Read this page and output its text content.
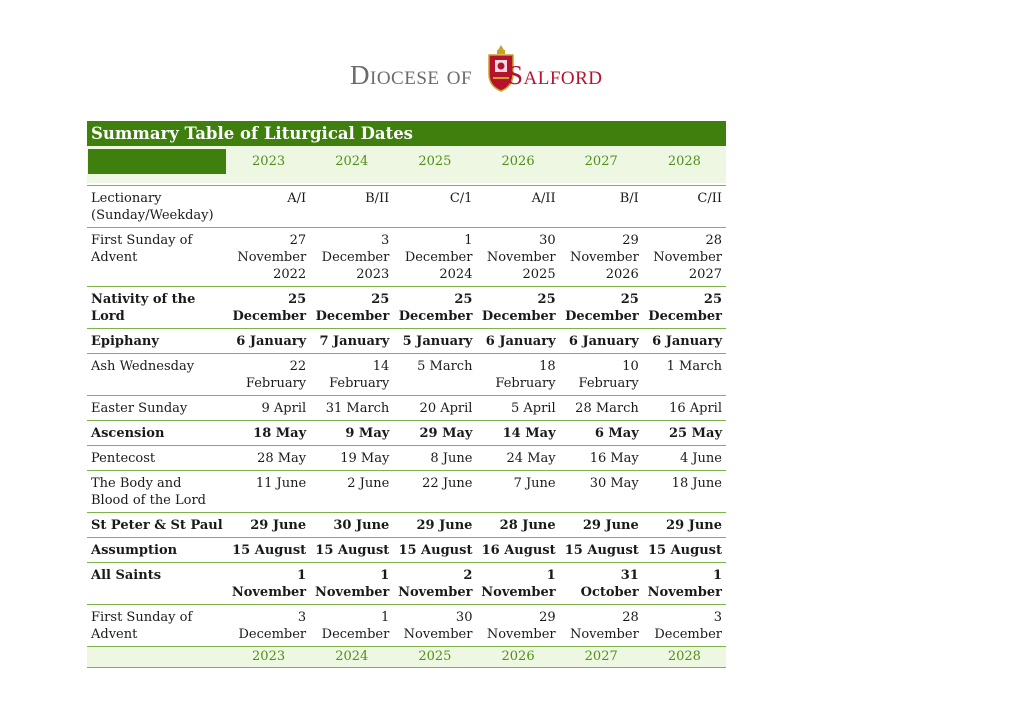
Diocese of Salford
Summary Table of Liturgical Dates
	2023	2024	2025	2026	2027	2028

Lectionary (Sunday/Weekday)	A/I	B/II	C/1	A/II	B/I	C/II
First Sunday of Advent	27 November 2022	3 December 2023	1 December 2024	30 November 2025	29 November 2026	28 November 2027
Nativity of the Lord	25 December	25 December	25 December	25 December	25 December	25 December
Epiphany	6 January	7 January	5 January	6 January	6 January	6 January
Ash Wednesday	22 February	14 February	5 March	18 February	10 February	1 March
Easter Sunday	9 April	31 March	20 April	5 April	28 March	16 April
Ascension	18 May	9 May	29 May	14 May	6 May	25 May
Pentecost	28 May	19 May	8 June	24 May	16 May	4 June
The Body and Blood of the Lord	11 June	2 June	22 June	7 June	30 May	18 June
St Peter & St Paul	29 June	30 June	29 June	28 June	29 June	29 June
Assumption	15 August	15 August	15 August	16 August	15 August	15 August
All Saints	1 November	1 November	2 November	1 November	31 October	1 November
First Sunday of Advent	3 December	1 December	30 November	29 November	28 November	3 December
	2023	2024	2025	2026	2027	2028
